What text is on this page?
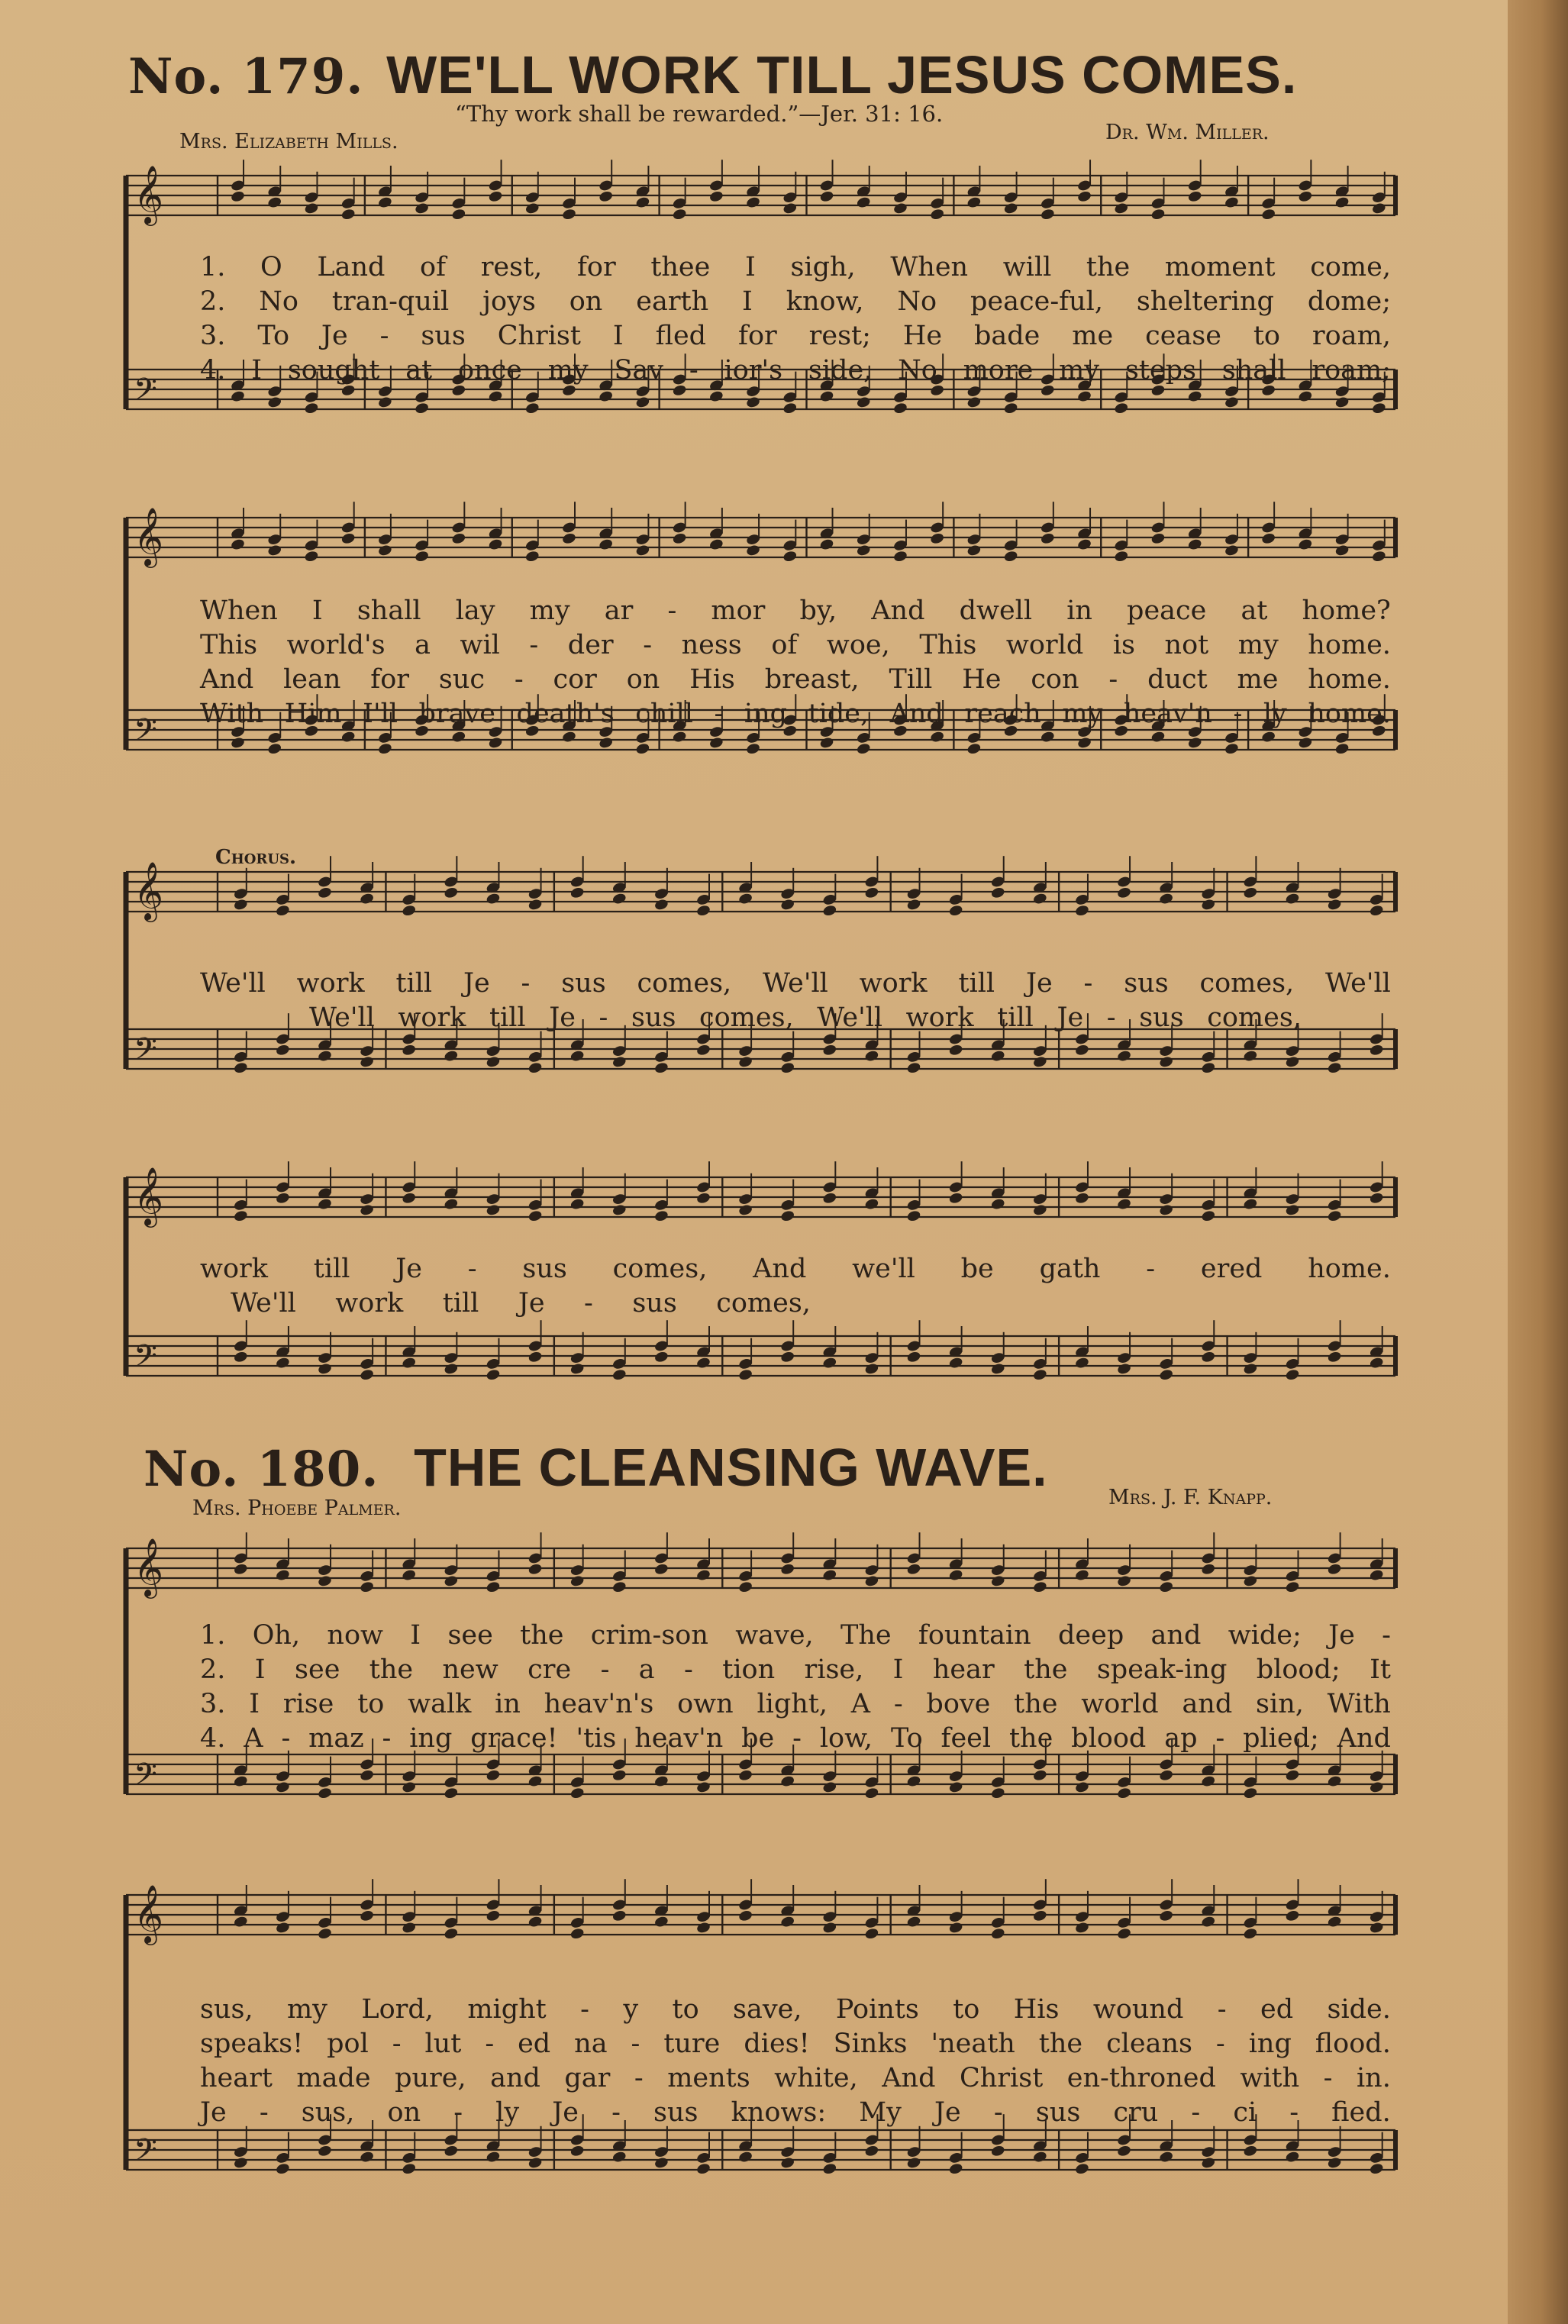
No. 179. WE'LL WORK TILL JESUS COMES.
“Thy work shall be rewarded.”—Jer. 31: 16.
Mrs. Elizabeth Mills.	Dr. Wm. Miller.
𝄞
𝄢
1. O Land of rest, for thee I sigh, When will the moment come,
2. No tran-quil joys on earth I know, No peace-ful, sheltering dome;
3. To Je - sus Christ I fled for rest; He bade me cease to roam,
4. I sought at once my Sav - ior's side, No more my steps shall roam;
𝄞
𝄢
When I shall lay my ar - mor by, And dwell in peace at home?
This world's a wil - der - ness of woe, This world is not my home.
And lean for suc - cor on His breast, Till He con - duct me home.
With Him I'll brave death's chill - ing tide, And reach my heav'n - ly home.
𝄞
𝄢
Chorus.
We'll work till Je - sus comes, We'll work till Je - sus comes, We'll
We'll work till Je - sus comes, We'll work till Je - sus comes,
𝄞
𝄢
work till Je - sus comes, And we'll be gath - ered home.
We'll work till Je - sus comes,
No. 180. THE CLEANSING WAVE.
Mrs. Phoebe Palmer.	Mrs. J. F. Knapp.
𝄞
𝄢
1. Oh, now I see the crim-son wave, The fountain deep and wide; Je -
2. I see the new cre - a - tion rise, I hear the speak-ing blood; It
3. I rise to walk in heav'n's own light, A - bove the world and sin, With
4. A - maz - ing grace! 'tis heav'n be - low, To feel the blood ap - plied; And
𝄞
𝄢
sus, my Lord, might - y to save, Points to His wound - ed side.
speaks! pol - lut - ed na - ture dies! Sinks 'neath the cleans - ing flood.
heart made pure, and gar - ments white, And Christ en-throned with - in.
Je - sus, on - ly Je - sus knows: My Je - sus cru - ci - fied.
